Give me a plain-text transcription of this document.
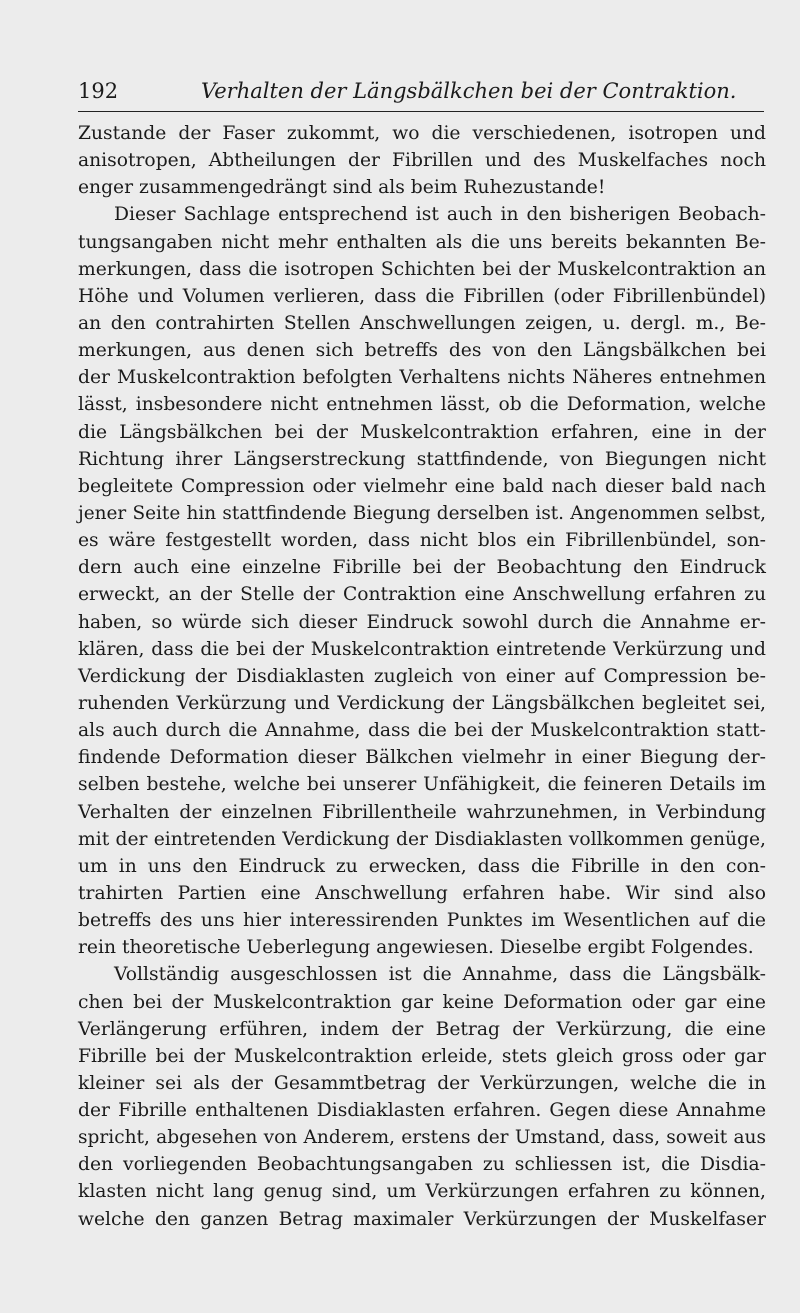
192	Verhalten der Längsbälkchen bei der Contraktion.
Zustande der Faser zukommt, wo die verschiedenen, isotropen und
anisotropen, Abtheilungen der Fibrillen und des Muskelfaches noch
enger zusammengedrängt sind als beim Ruhezustande!
Dieser Sachlage entsprechend ist auch in den bisherigen Beobach-
tungsangaben nicht mehr enthalten als die uns bereits bekannten Be-
merkungen, dass die isotropen Schichten bei der Muskelcontraktion an
Höhe und Volumen verlieren, dass die Fibrillen (oder Fibrillenbündel)
an den contrahirten Stellen Anschwellungen zeigen, u. dergl. m., Be-
merkungen, aus denen sich betreffs des von den Längsbälkchen bei
der Muskelcontraktion befolgten Verhaltens nichts Näheres entnehmen
lässt, insbesondere nicht entnehmen lässt, ob die Deformation, welche
die Längsbälkchen bei der Muskelcontraktion erfahren, eine in der
Richtung ihrer Längserstreckung stattfindende, von Biegungen nicht
begleitete Compression oder vielmehr eine bald nach dieser bald nach
jener Seite hin stattfindende Biegung derselben ist. Angenommen selbst,
es wäre festgestellt worden, dass nicht blos ein Fibrillenbündel, son-
dern auch eine einzelne Fibrille bei der Beobachtung den Eindruck
erweckt, an der Stelle der Contraktion eine Anschwellung erfahren zu
haben, so würde sich dieser Eindruck sowohl durch die Annahme er-
klären, dass die bei der Muskelcontraktion eintretende Verkürzung und
Verdickung der Disdiaklasten zugleich von einer auf Compression be-
ruhenden Verkürzung und Verdickung der Längsbälkchen begleitet sei,
als auch durch die Annahme, dass die bei der Muskelcontraktion statt-
findende Deformation dieser Bälkchen vielmehr in einer Biegung der-
selben bestehe, welche bei unserer Unfähigkeit, die feineren Details im
Verhalten der einzelnen Fibrillentheile wahrzunehmen, in Verbindung
mit der eintretenden Verdickung der Disdiaklasten vollkommen genüge,
um in uns den Eindruck zu erwecken, dass die Fibrille in den con-
trahirten Partien eine Anschwellung erfahren habe. Wir sind also
betreffs des uns hier interessirenden Punktes im Wesentlichen auf die
rein theoretische Ueberlegung angewiesen. Dieselbe ergibt Folgendes.
Vollständig ausgeschlossen ist die Annahme, dass die Längsbälk-
chen bei der Muskelcontraktion gar keine Deformation oder gar eine
Verlängerung erführen, indem der Betrag der Verkürzung, die eine
Fibrille bei der Muskelcontraktion erleide, stets gleich gross oder gar
kleiner sei als der Gesammtbetrag der Verkürzungen, welche die in
der Fibrille enthaltenen Disdiaklasten erfahren. Gegen diese Annahme
spricht, abgesehen von Anderem, erstens der Umstand, dass, soweit aus
den vorliegenden Beobachtungsangaben zu schliessen ist, die Disdia-
klasten nicht lang genug sind, um Verkürzungen erfahren zu können,
welche den ganzen Betrag maximaler Verkürzungen der Muskelfaser
